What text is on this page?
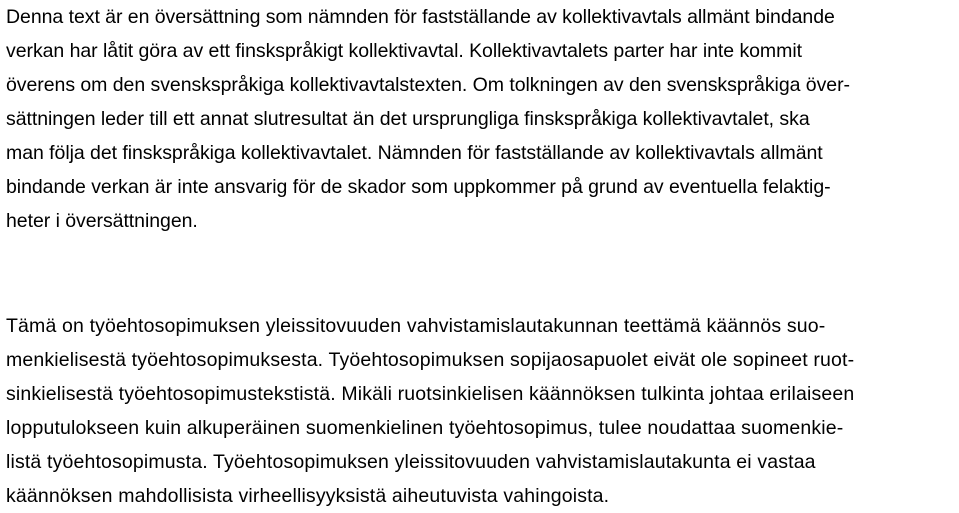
Denna text är en översättning som nämnden för fastställande av kollektivavtals allmänt bindande
verkan har låtit göra av ett finskspråkigt kollektivavtal. Kollektivavtalets parter har inte kommit
överens om den svenskspråkiga kollektivavtalstexten. Om tolkningen av den svenskspråkiga över-
sättningen leder till ett annat slutresultat än det ursprungliga finskspråkiga kollektivavtalet, ska
man följa det finskspråkiga kollektivavtalet. Nämnden för fastställande av kollektivavtals allmänt
bindande verkan är inte ansvarig för de skador som uppkommer på grund av eventuella felaktig-
heter i översättningen.
Tämä on työehtosopimuksen yleissitovuuden vahvistamislautakunnan teettämä käännös suo-
menkielisestä työehtosopimuksesta. Työehtosopimuksen sopijaosapuolet eivät ole sopineet ruot-
sinkielisestä työehtosopimustekstistä. Mikäli ruotsinkielisen käännöksen tulkinta johtaa erilaiseen
lopputulokseen kuin alkuperäinen suomenkielinen työehtosopimus, tulee noudattaa suomenkie-
listä työehtosopimusta. Työehtosopimuksen yleissitovuuden vahvistamislautakunta ei vastaa
käännöksen mahdollisista virheellisyyksistä aiheutuvista vahingoista.
